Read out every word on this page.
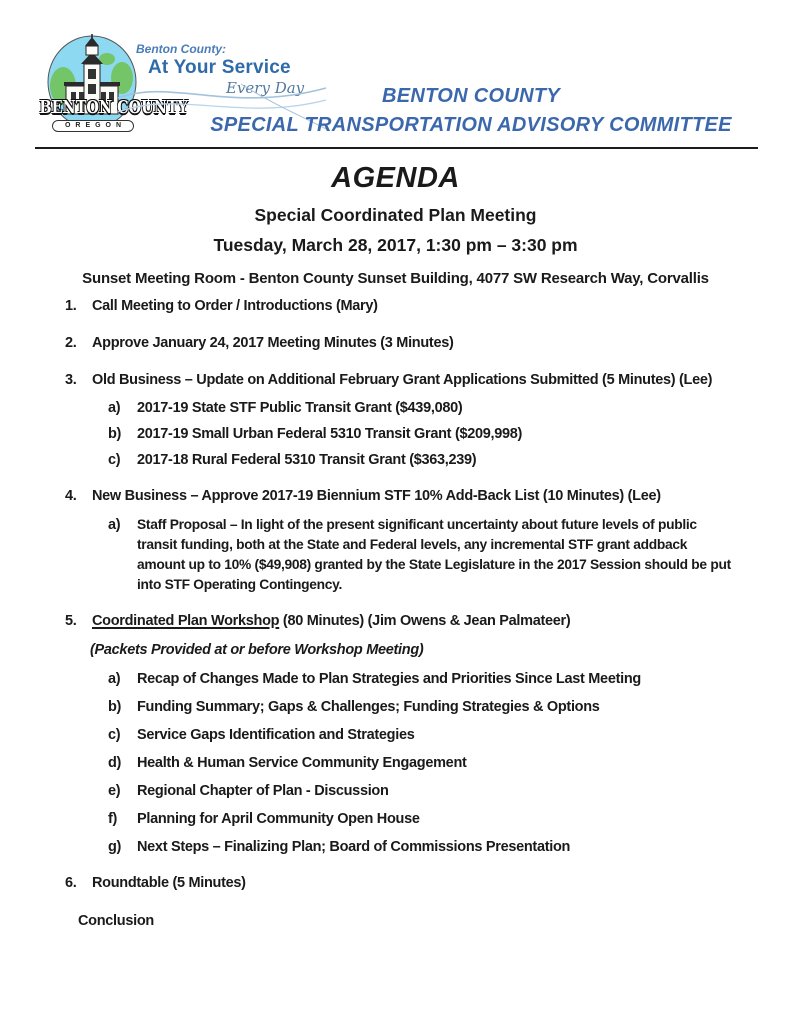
BENTON COUNTY
OREGON
Benton County:
At Your Service
Every Day	BENTON COUNTY
SPECIAL TRANSPORTATION ADVISORY COMMITTEE
AGENDA
Special Coordinated Plan Meeting
Tuesday, March 28, 2017, 1:30 pm – 3:30 pm
Sunset Meeting Room - Benton County Sunset Building, 4077 SW Research Way, Corvallis
1. Call Meeting to Order / Introductions (Mary)
2. Approve January 24, 2017 Meeting Minutes (3 Minutes)
3. Old Business – Update on Additional February Grant Applications Submitted (5 Minutes) (Lee)
a) 2017-19 State STF Public Transit Grant ($439,080)
b) 2017-19 Small Urban Federal 5310 Transit Grant ($209,998)
c) 2017-18 Rural Federal 5310 Transit Grant ($363,239)
4. New Business – Approve 2017-19 Biennium STF 10% Add-Back List (10 Minutes) (Lee)
a) Staff Proposal – In light of the present significant uncertainty about future levels of public transit funding, both at the State and Federal levels, any incremental STF grant addback amount up to 10% ($49,908) granted by the State Legislature in the 2017 Session should be put into STF Operating Contingency.
5. Coordinated Plan Workshop (80 Minutes) (Jim Owens & Jean Palmateer)
(Packets Provided at or before Workshop Meeting)
a) Recap of Changes Made to Plan Strategies and Priorities Since Last Meeting
b) Funding Summary; Gaps & Challenges; Funding Strategies & Options
c) Service Gaps Identification and Strategies
d) Health & Human Service Community Engagement
e) Regional Chapter of Plan - Discussion
f) Planning for April Community Open House
g) Next Steps – Finalizing Plan; Board of Commissions Presentation
6. Roundtable (5 Minutes)
Conclusion
